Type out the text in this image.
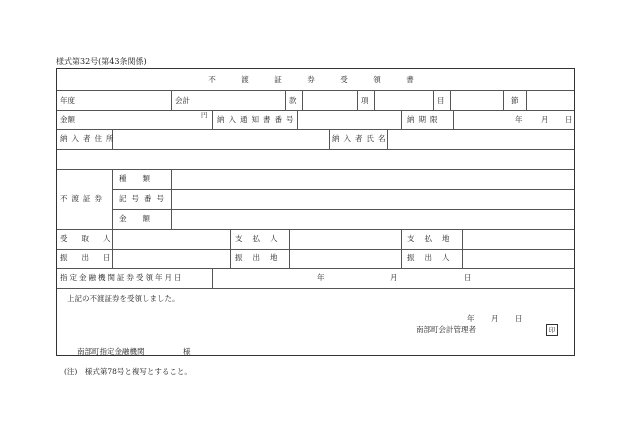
様式第32号(第43条関係)
不　渡　証　券　受　領　書
年度	会計	款	項	目	節
金額	円 納入通知書番号	納期限	年 月 日
納入者住所	納入者氏名
不渡証券
種類
記号番号
金額
受取人	支払人	支払地
振出日	振出地	振出人
指定金融機関証券受領年月日	年	月	日
上記の不渡証券を受領しました。
年 月 日
南部町会計管理者	印
南部町指定金融機関	様
(注)　様式第78号と複写とすること。
